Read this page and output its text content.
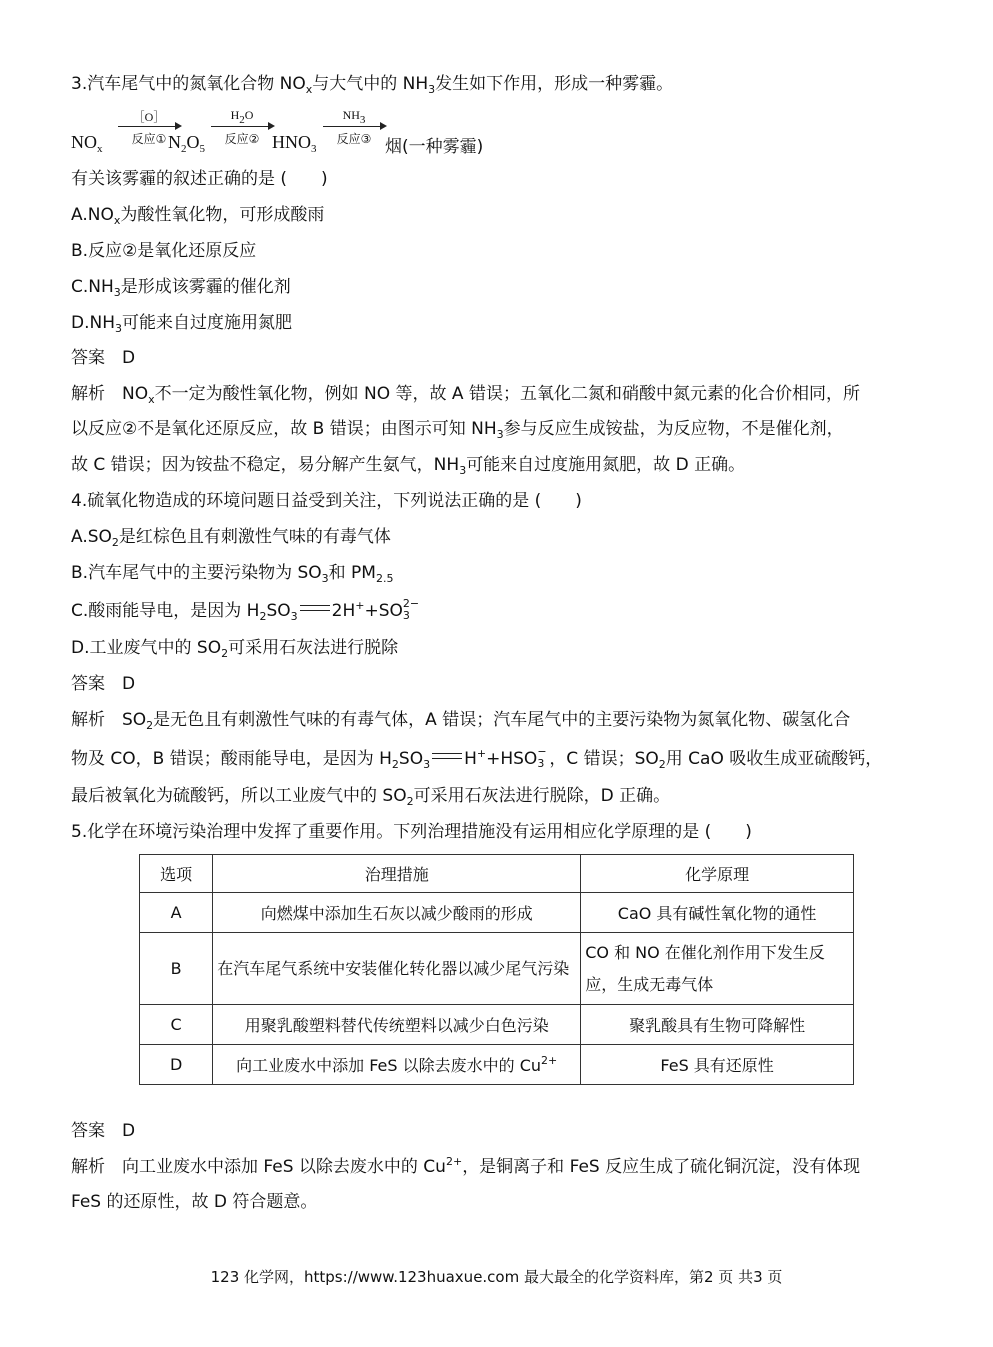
3.汽车尾气中的氮氧化合物 $NO_x$与大气中的 $NH_3$发生如下作用，形成一种雾霾。
$NO_x$
［O］
反应① $N_2O_5$
$H_2O$
反应② $HNO_3$
$NH_3$
反应③ 烟(一种雾霾)
有关该雾霾的叙述正确的是 (　　)
$A.NO_x$为酸性氧化物，可形成酸雨
B.反应②是氧化还原反应
$C.NH_3$是形成该雾霾的催化剂
$D.NH_3$可能来自过度施用氮肥
答案　D
解析　$NO_x$不一定为酸性氧化物，例如 NO 等，故 A 错误；五氧化二氮和硝酸中氮元素的化合价相同，所
以反应②不是氧化还原反应，故 B 错误；由图示可知 $NH_3$参与反应生成铵盐，为反应物，不是催化剂，
故 C 错误；因为铵盐不稳定，易分解产生氨气，$NH_3$可能来自过度施用氮肥，故 D 正确。
4.硫氧化物造成的环境问题日益受到关注，下列说法正确的是 (　　)
$A.SO_2$是红棕色且有刺激性气味的有毒气体
B.汽车尾气中的主要污染物为 $SO_3$和 $PM_{2.5}$
C.酸雨能导电，是因为 $H_2SO_3$ 2H++SO 2−
3
D.工业废气中的 $SO_2$可采用石灰法进行脱除
答案　D
解析　$SO_2$是无色且有刺激性气味的有毒气体，A 错误；汽车尾气中的主要污染物为氮氧化物、碳氢化合
物及 CO，B 错误；酸雨能导电，是因为 $H_2SO_3$ H++HSO −
3 ，C 错误；$SO_2$用 CaO 吸收生成亚硫酸钙，
最后被氧化为硫酸钙，所以工业废气中的 $SO_2$可采用石灰法进行脱除，D 正确。
5.化学在环境污染治理中发挥了重要作用。下列治理措施没有运用相应化学原理的是 (　　)
选项	治理措施	化学原理
A	向燃煤中添加生石灰以减少酸雨的形成	CaO 具有碱性氧化物的通性
B	在汽车尾气系统中安装催化转化器以减少尾气污染	CO 和 NO 在催化剂作用下发生反应，生成无毒气体
C	用聚乳酸塑料替代传统塑料以减少白色污染	聚乳酸具有生物可降解性
D	向工业废水中添加 FeS 以除去废水中的 $Cu^{2+}$	FeS 具有还原性
答案　D
解析　向工业废水中添加 FeS 以除去废水中的 $Cu^{2+}$，是铜离子和 FeS 反应生成了硫化铜沉淀，没有体现
FeS 的还原性，故 D 符合题意。
123 化学网，https://www.123huaxue.com 最大最全的化学资料库，第2 页 共3 页
